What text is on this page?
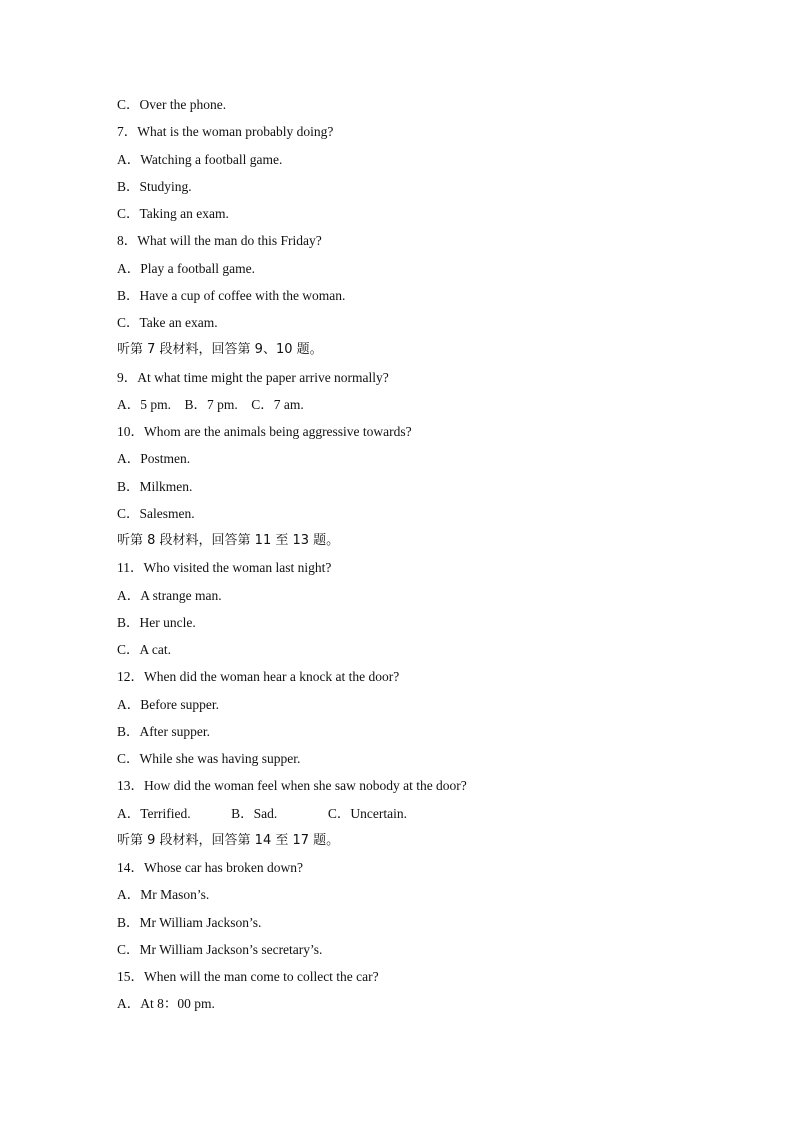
C．Over the phone.
7．What is the woman probably doing?
A．Watching a football game.
B．Studying.
C．Taking an exam.
8．What will the man do this Friday?
A．Play a football game.
B．Have a cup of coffee with the woman.
C．Take an exam.
听第 7 段材料，回答第 9、10 题。
9．At what time might the paper arrive normally?
A．5 pm.    B．7 pm.    C．7 am.
10．Whom are the animals being aggressive towards?
A．Postmen.
B．Milkmen.
C．Salesmen.
听第 8 段材料，回答第 11 至 13 题。
11．Who visited the woman last night?
A．A strange man.
B．Her uncle.
C．A cat.
12．When did the woman hear a knock at the door?
A．Before supper.
B．After supper.
C．While she was having supper.
13．How did the woman feel when she saw nobody at the door?
A．Terrified.            B．Sad.               C．Uncertain.
听第 9 段材料，回答第 14 至 17 题。
14．Whose car has broken down?
A．Mr Mason’s.
B．Mr William Jackson’s.
C．Mr William Jackson’s secretary’s.
15．When will the man come to collect the car?
A．At 8：00 pm.
